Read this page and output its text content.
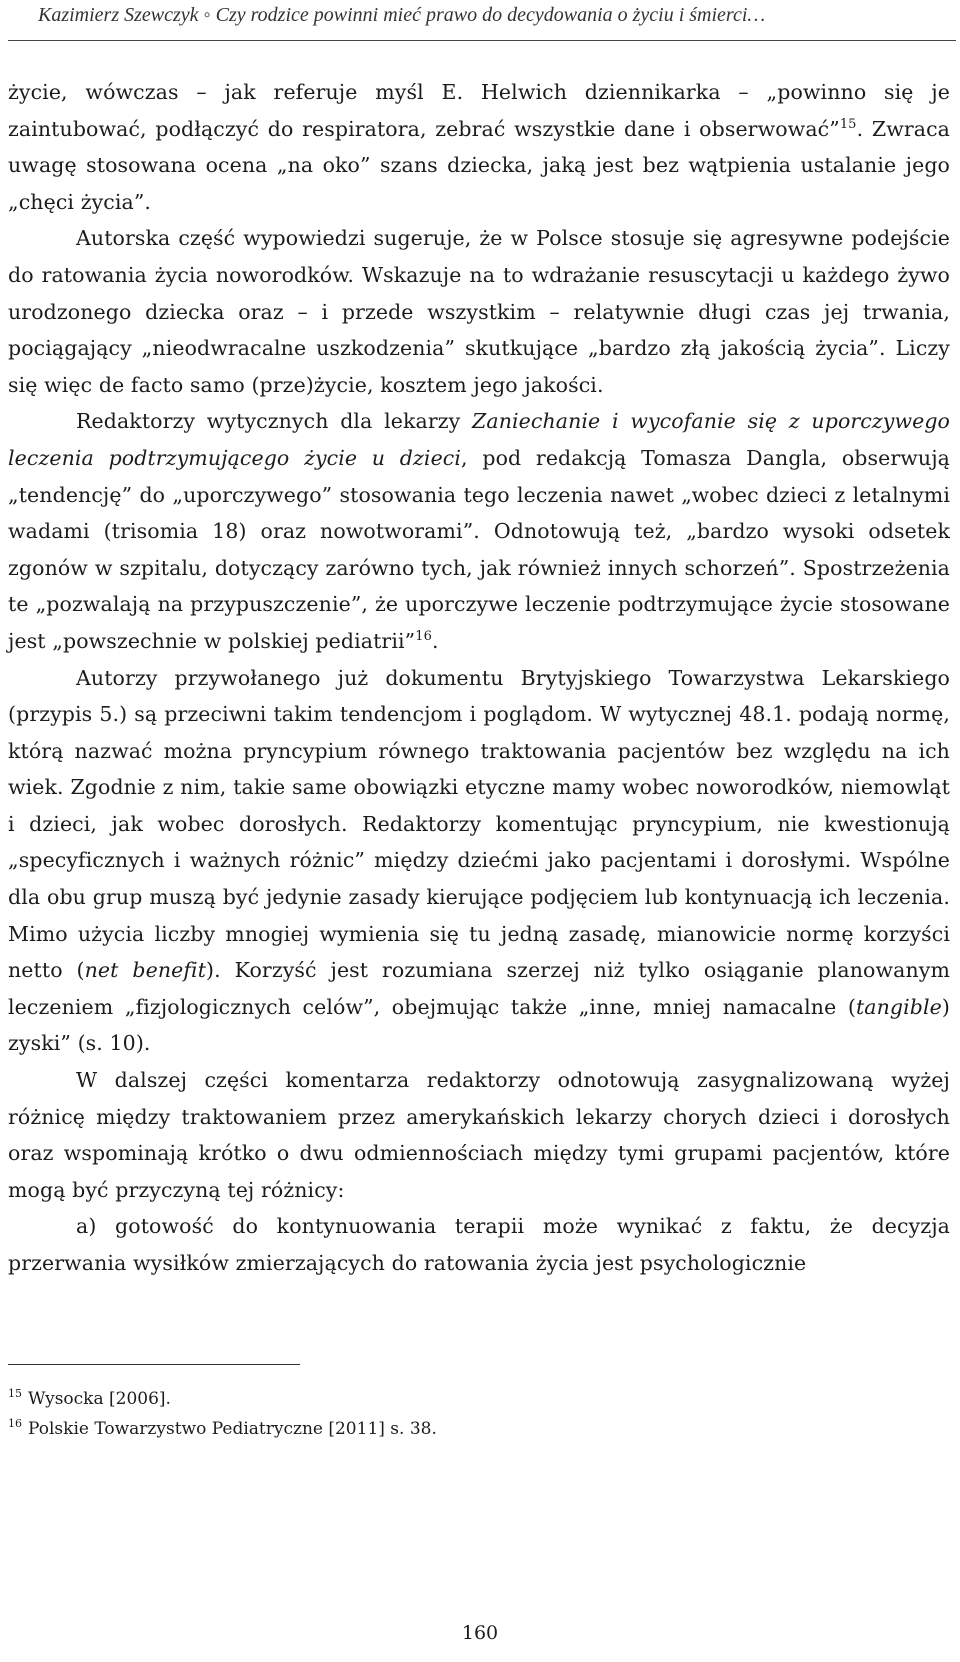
Kazimierz Szewczyk ◦ Czy rodzice powinni mieć prawo do decydowania o życiu i śmierci…

życie, wówczas – jak referuje myśl E. Helwich dziennikarka – „powinno się je zaintubować, podłączyć do respiratora, zebrać wszystkie dane i obserwować”$^{15}$. Zwraca uwagę stosowana ocena „na oko” szans dziecka, jaką jest bez wątpienia ustalanie jego „chęci życia”.

Autorska część wypowiedzi sugeruje, że w Polsce stosuje się agresywne podejście do ratowania życia noworodków. Wskazuje na to wdrażanie resuscytacji u każdego żywo urodzonego dziecka oraz – i przede wszystkim – relatywnie długi czas jej trwania, pociągający „nieodwracalne uszkodzenia” skutkujące „bardzo złą jakością życia”. Liczy się więc de facto samo (prze)życie, kosztem jego jakości.

Redaktorzy wytycznych dla lekarzy Zaniechanie i wycofanie się z uporczywego leczenia podtrzymującego życie u dzieci, pod redakcją Tomasza Dangla, obserwują „tendencję” do „uporczywego” stosowania tego leczenia nawet „wobec dzieci z letalnymi wadami (trisomia 18) oraz nowotworami”. Odnotowują też, „bardzo wysoki odsetek zgonów w szpitalu, dotyczący zarówno tych, jak również innych schorzeń”. Spostrzeżenia te „pozwalają na przypuszczenie”, że uporczywe leczenie podtrzymujące życie stosowane jest „powszechnie w polskiej pediatrii”$^{16}$.

Autorzy przywołanego już dokumentu Brytyjskiego Towarzystwa Lekarskiego (przypis 5.) są przeciwni takim tendencjom i poglądom. W wytycznej 48.1. podają normę, którą nazwać można pryncypium równego traktowania pacjentów bez względu na ich wiek. Zgodnie z nim, takie same obowiązki etyczne mamy wobec noworodków, niemowląt i dzieci, jak wobec dorosłych. Redaktorzy komentując pryncypium, nie kwestionują „specyficznych i ważnych różnic” między dziećmi jako pacjentami i dorosłymi. Wspólne dla obu grup muszą być jedynie zasady kierujące podjęciem lub kontynuacją ich leczenia. Mimo użycia liczby mnogiej wymienia się tu jedną zasadę, mianowicie normę korzyści netto (net benefit). Korzyść jest rozumiana szerzej niż tylko osiąganie planowanym leczeniem „fizjologicznych celów”, obejmując także „inne, mniej namacalne (tangible) zyski” (s. 10).

W dalszej części komentarza redaktorzy odnotowują zasygnalizowaną wyżej różnicę między traktowaniem przez amerykańskich lekarzy chorych dzieci i dorosłych oraz wspominają krótko o dwu odmiennościach między tymi grupami pacjentów, które mogą być przyczyną tej różnicy:

a) gotowość do kontynuowania terapii może wynikać z faktu, że decyzja przerwania wysiłków zmierzających do ratowania życia jest psychologicznie

$^{15}$ Wysocka [2006].

$^{16}$ Polskie Towarzystwo Pediatryczne [2011] s. 38.

160
